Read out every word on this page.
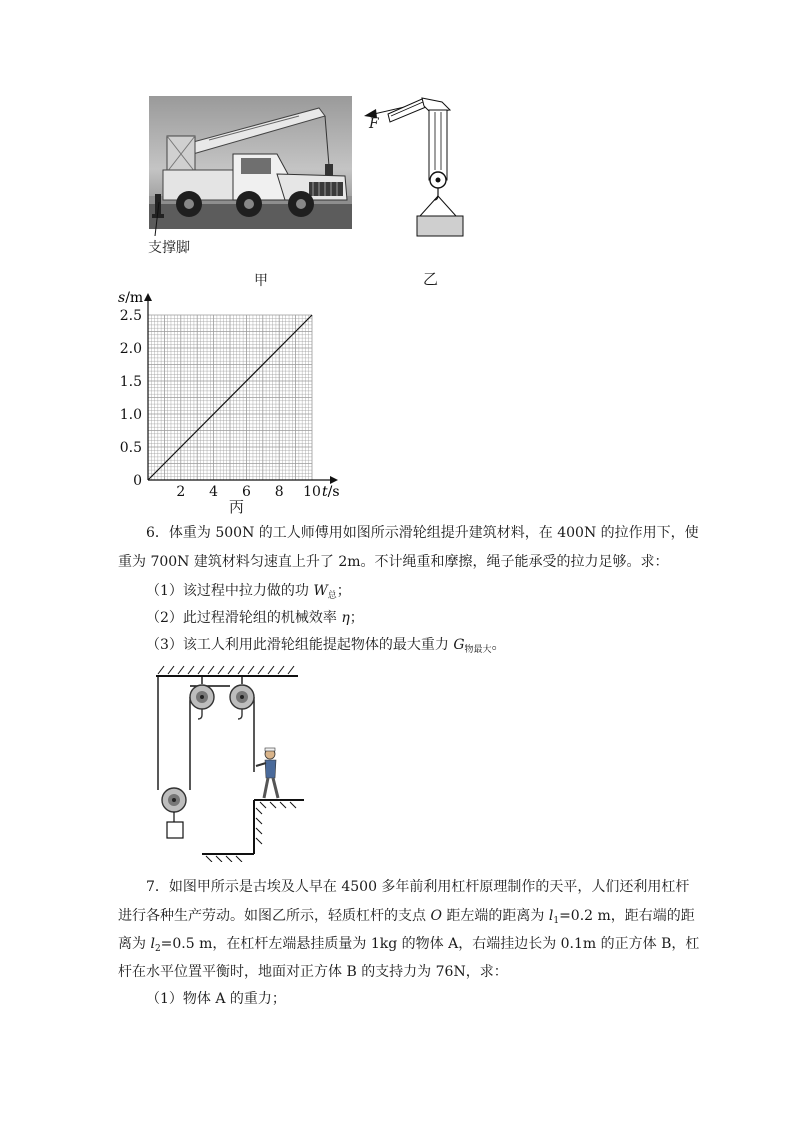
支撑脚
甲
F
乙
2 4 6 8 10
0.5
1.0
1.5
2.0
2.5
0
s/m
t/s
丙
6．体重为 500N 的工人师傅用如图所示滑轮组提升建筑材料，在 400N 的拉作用下，使
重为 700N 建筑材料匀速直上升了 2m。不计绳重和摩擦，绳子能承受的拉力足够。求：
（1）该过程中拉力做的功 $W_总$；
（2）此过程滑轮组的机械效率 η；
（3）该工人利用此滑轮组能提起物体的最大重力 $G_{物最大}$。
7．如图甲所示是古埃及人早在 4500 多年前利用杠杆原理制作的天平，人们还利用杠杆
进行各种生产劳动。如图乙所示，轻质杠杆的支点 O 距左端的距离为 $l_1=0.2$ m，距右端的距
离为 $l_2=0.5$ m，在杠杆左端悬挂质量为 1kg 的物体 A，右端挂边长为 0.1m 的正方体 B，杠
杆在水平位置平衡时，地面对正方体 B 的支持力为 76N，求：
（1）物体 A 的重力；
